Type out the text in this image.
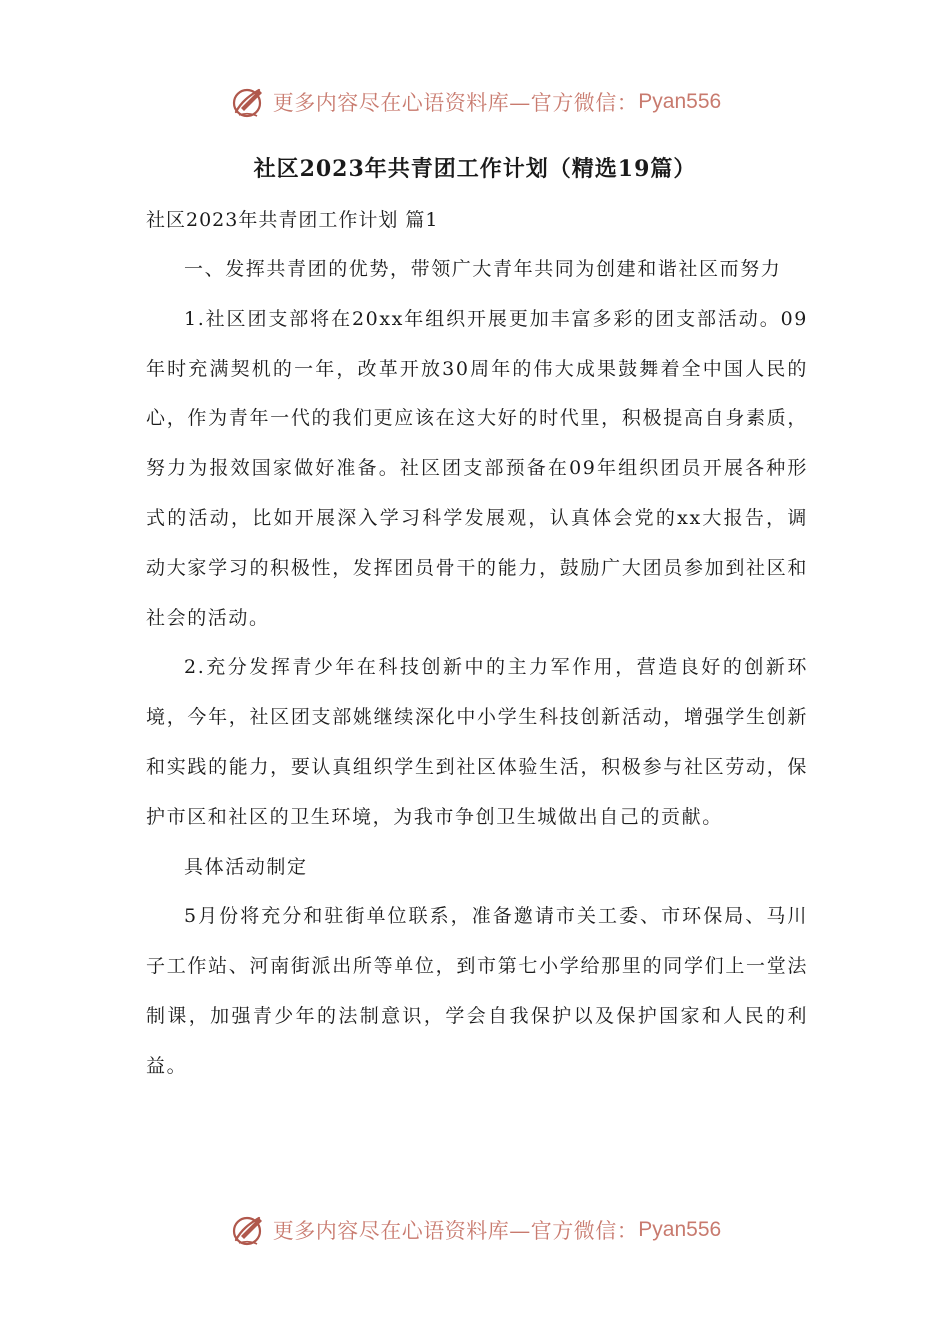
更多内容尽在心语资料库—官方微信： Pyan556
社区2023年共青团工作计划（精选19篇）
社区2023年共青团工作计划 篇1

一、发挥共青团的优势，带领广大青年共同为创建和谐社区而努力

1.社区团支部将在20xx年组织开展更加丰富多彩的团支部活动。09年时充满契机的一年，改革开放30周年的伟大成果鼓舞着全中国人民的心，作为青年一代的我们更应该在这大好的时代里，积极提高自身素质，努力为报效国家做好准备。社区团支部预备在09年组织团员开展各种形式的活动，比如开展深入学习科学发展观，认真体会党的xx大报告，调动大家学习的积极性，发挥团员骨干的能力，鼓励广大团员参加到社区和社会的活动。

2.充分发挥青少年在科技创新中的主力军作用，营造良好的创新环境，今年，社区团支部姚继续深化中小学生科技创新活动，增强学生创新和实践的能力，要认真组织学生到社区体验生活，积极参与社区劳动，保护市区和社区的卫生环境，为我市争创卫生城做出自己的贡献。

具体活动制定

5月份将充分和驻街单位联系，准备邀请市关工委、市环保局、马川子工作站、河南街派出所等单位，到市第七小学给那里的同学们上一堂法制课，加强青少年的法制意识，学会自我保护以及保护国家和人民的利益。

更多内容尽在心语资料库—官方微信： Pyan556
